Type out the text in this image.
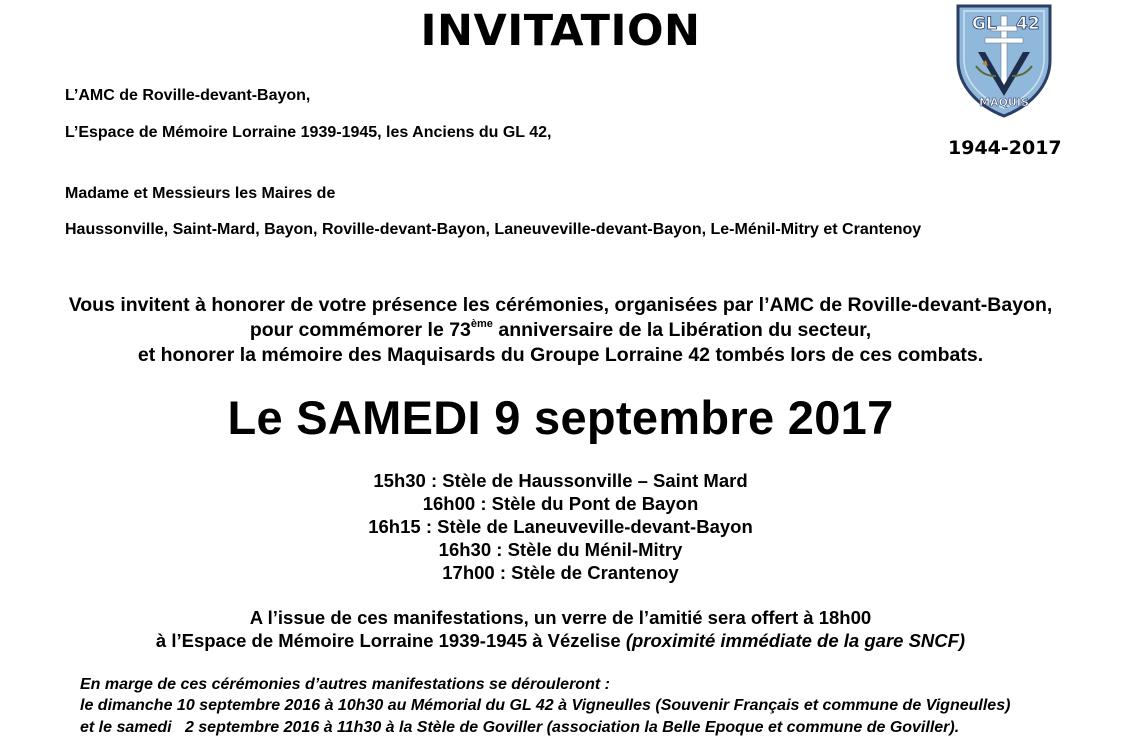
INVITATION	GL 42
MAQUIS
1944-2017
L’AMC de Roville-devant-Bayon,
L’Espace de Mémoire Lorraine 1939-1945, les Anciens du GL 42,
Madame et Messieurs les Maires de
Haussonville, Saint-Mard, Bayon, Roville-devant-Bayon, Laneuveville-devant-Bayon, Le-Ménil-Mitry et Crantenoy
Vous invitent à honorer de votre présence les cérémonies, organisées par l’AMC de Roville-devant-Bayon,
pour commémorer le 73ème anniversaire de la Libération du secteur,
et honorer la mémoire des Maquisards du Groupe Lorraine 42 tombés lors de ces combats.
Le SAMEDI 9 septembre 2017
15h30 : Stèle de Haussonville – Saint Mard
16h00 : Stèle du Pont de Bayon
16h15 : Stèle de Laneuveville-devant-Bayon
16h30 : Stèle du Ménil-Mitry
17h00 : Stèle de Crantenoy
A l’issue de ces manifestations, un verre de l’amitié sera offert à 18h00
à l’Espace de Mémoire Lorraine 1939-1945 à Vézelise (proximité immédiate de la gare SNCF)
En marge de ces cérémonies d’autres manifestations se dérouleront :
le dimanche 10 septembre 2016 à 10h30 au Mémorial du GL 42 à Vigneulles (Souvenir Français et commune de Vigneulles)
et le samedi   2 septembre 2016 à 11h30 à la Stèle de Goviller (association la Belle Epoque et commune de Goviller).
